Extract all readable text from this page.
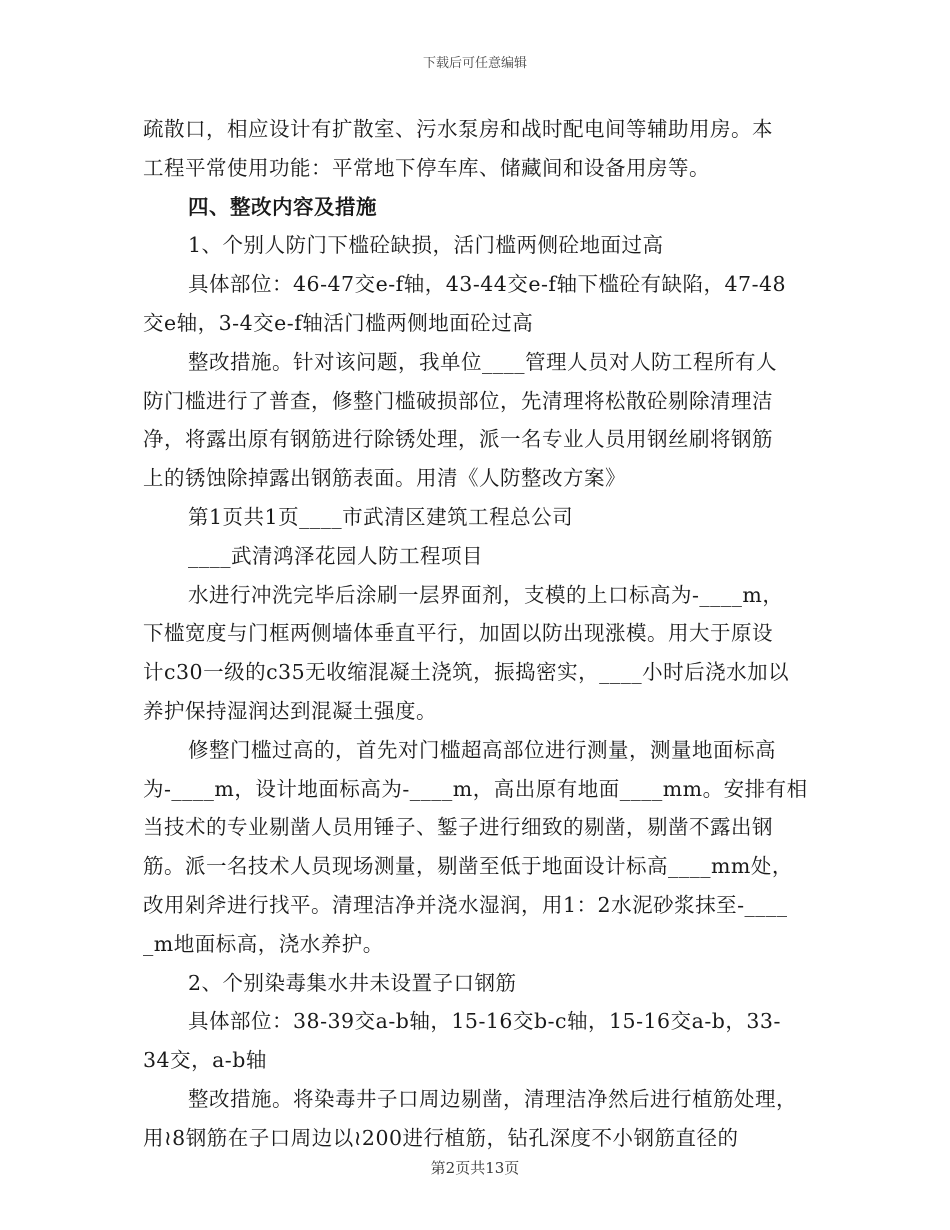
下载后可任意编辑
疏散口，相应设计有扩散室、污水泵房和战时配电间等辅助用房。本
工程平常使用功能：平常地下停车库、储藏间和设备用房等。
四、整改内容及措施
1、个别人防门下槛砼缺损，活门槛两侧砼地面过高
具体部位：46-47交e-f轴，43-44交e-f轴下槛砼有缺陷，47-48
交e轴，3-4交e-f轴活门槛两侧地面砼过高
整改措施。针对该问题，我单位____管理人员对人防工程所有人
防门槛进行了普查，修整门槛破损部位，先清理将松散砼剔除清理洁
净，将露出原有钢筋进行除锈处理，派一名专业人员用钢丝刷将钢筋
上的锈蚀除掉露出钢筋表面。用清《人防整改方案》
第1页共1页____市武清区建筑工程总公司
____武清鸿泽花园人防工程项目
水进行冲洗完毕后涂刷一层界面剂，支模的上口标高为-____m，
下槛宽度与门框两侧墙体垂直平行，加固以防出现涨模。用大于原设
计c30一级的c35无收缩混凝土浇筑，振捣密实，____小时后浇水加以
养护保持湿润达到混凝土强度。
修整门槛过高的，首先对门槛超高部位进行测量，测量地面标高
为-____m，设计地面标高为-____m，高出原有地面____mm。安排有相
当技术的专业剔凿人员用锤子、錾子进行细致的剔凿，剔凿不露出钢
筋。派一名技术人员现场测量，剔凿至低于地面设计标高____mm处，
改用剁斧进行找平。清理洁净并浇水湿润，用1：2水泥砂浆抹至-____
_m地面标高，浇水养护。
2、个别染毒集水井未设置子口钢筋
具体部位：38-39交a-b轴，15-16交b-c轴，15-16交a-b，33-
34交，a-b轴
整改措施。将染毒井子口周边剔凿，清理洁净然后进行植筋处理，
用≀8钢筋在子口周边以≀200进行植筋，钻孔深度不小钢筋直径的
第2页共13页
